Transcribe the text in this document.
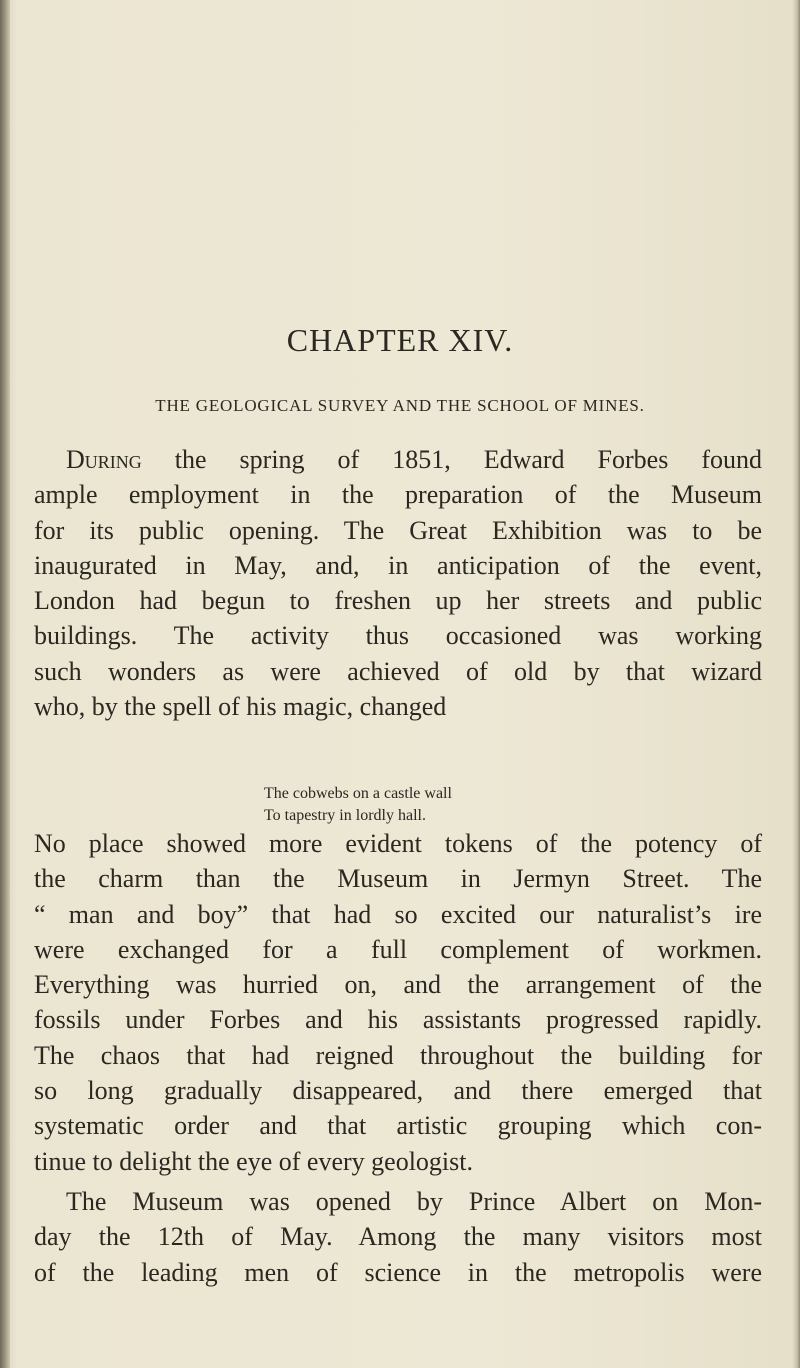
CHAPTER XIV.
THE GEOLOGICAL SURVEY AND THE SCHOOL OF MINES.

During the spring of 1851, Edward Forbes found
ample employment in the preparation of the Museum
for its public opening. The Great Exhibition was to be
inaugurated in May, and, in anticipation of the event,
London had begun to freshen up her streets and public
buildings. The activity thus occasioned was working
such wonders as were achieved of old by that wizard
who, by the spell of his magic, changed

The cobwebs on a castle wall
To tapestry in lordly hall.

No place showed more evident tokens of the potency of
the charm than the Museum in Jermyn Street. The
“ man and boy” that had so excited our naturalist’s ire
were exchanged for a full complement of workmen.
Everything was hurried on, and the arrangement of the
fossils under Forbes and his assistants progressed rapidly.
The chaos that had reigned throughout the building for
so long gradually disappeared, and there emerged that
systematic order and that artistic grouping which con-
tinue to delight the eye of every geologist.

The Museum was opened by Prince Albert on Mon-
day the 12th of May. Among the many visitors most
of the leading men of science in the metropolis were
